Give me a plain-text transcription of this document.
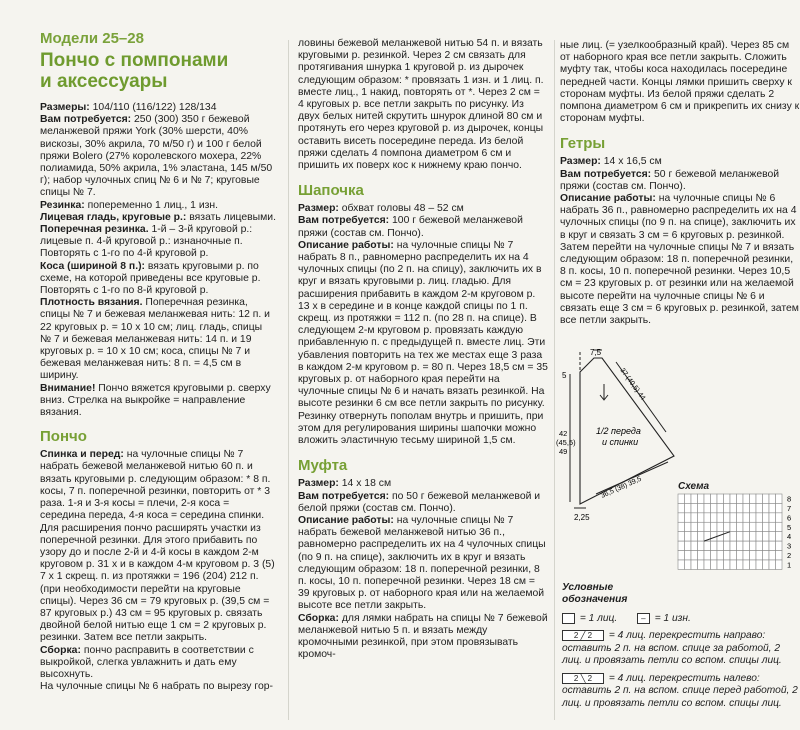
Модели 25–28
Пончо с помпонами
и аксессуары

Размеры: 104/110 (116/122) 128/134

Вам потребуется: 250 (300) 350 г бежевой меланжевой пряжи York (30% шерсти, 40% вискозы, 30% акрила, 70 м/50 г) и 100 г белой пряжи Bolero (27% королевского мохера, 22% полиамида, 50% акрила, 1% эластана, 145 м/50 г); набор чулочных спиц № 6 и № 7; круговые спицы № 7.

Резинка: попеременно 1 лиц., 1 изн.

Лицевая гладь, круговые р.: вязать лицевыми.

Поперечная резинка. 1-й – 3-й круговой р.: лицевые п. 4-й круговой р.: изнаночные п. Повторять с 1-го по 4-й круговой р.

Коса (шириной 8 п.): вязать круговыми р. по схеме, на которой приведены все круговые р. Повторять с 1-го по 8-й круговой р.

Плотность вязания. Поперечная резинка, спицы № 7 и бежевая меланжевая нить: 12 п. и 22 круговых р. = 10 х 10 см; лиц. гладь, спицы № 7 и бежевая меланжевая нить: 14 п. и 19 круговых р. = 10 х 10 см; коса, спицы № 7 и бежевая меланжевая нить: 8 п. = 4,5 см в ширину.

Внимание! Пончо вяжется круговыми р. сверху вниз. Стрелка на выкройке = направление вязания.

Пончо

Спинка и перед: на чулочные спицы № 7 набрать бежевой меланжевой нитью 60 п. и вязать круговыми р. следующим образом: * 8 п. косы, 7 п. поперечной резинки, повторить от * 3 раза. 1-я и 3-я косы = плечи, 2-я коса = середина переда, 4-я коса = середина спинки. Для расширения пончо раcширять участки из поперечной резинки. Для этого прибавить по узору до и после 2-й и 4-й косы в каждом 2-м круговом р. 31 х и в каждом 4-м круговом р. 3 (5) 7 х 1 скрещ. п. из протяжки = 196 (204) 212 п. (при необходимости перейти на круговые спицы). Через 36 см = 79 круговых р. (39,5 см = 87 круговых р.) 43 см = 95 круговых р. связать двойной белой нитью еще 1 см = 2 круговых р. резинки. Затем все петли закрыть.

Сборка: пончо расправить в соответствии с выкройкой, слегка увлажнить и дать ему высохнуть.

На чулочные спицы № 6 набрать по вырезу гор-

ловины бежевой меланжевой нитью 54 п. и вязать круговыми р. резинкой. Через 2 см связать для протягивания шнурка 1 круговой р. из дырочек следующим образом: * провязать 1 изн. и 1 лиц. п. вместе лиц., 1 накид, повторять от *. Через 2 см = 4 круговых р. все петли закрыть по рисунку. Из двух белых нитей скрутить шнурок длиной 80 см и протянуть его через круговой р. из дырочек, концы оставить висеть посередине переда. Из белой пряжи сделать 4 помпона диаметром 6 см и пришить их поверх кос к нижнему краю пончо.

Шапочка

Размер: обхват головы 48 – 52 см

Вам потребуется: 100 г бежевой меланжевой пряжи (состав см. Пончо).

Описание работы: на чулочные спицы № 7 набрать 8 п., равномерно распределить их на 4 чулочных спицы (по 2 п. на спицу), заключить их в круг и вязать круговыми р. лиц. гладью. Для расширения прибавить в каждом 2-м круговом р. 13 х в середине и в конце каждой спицы по 1 п. скрещ. из протяжки = 112 п. (по 28 п. на спице). В следующем 2-м круговом р. провязать каждую прибавленную п. с предыдущей п. вместе лиц. Эти убавления повторить на тех же местах еще 3 раза в каждом 2-м круговом р. = 80 п. Через 18,5 см = 35 круговых р. от наборного края перейти на чулочные спицы № 6 и начать вязать резинкой. На высоте резинки 6 см все петли закрыть по рисунку. Резинку отвернуть пополам внутрь и пришить, при этом для регулирования ширины шапочки можно вложить эластичную тесьму шириной 1,5 см.

Муфта

Размер: 14 х 18 см

Вам потребуется: по 50 г бежевой меланжевой и белой пряжи (состав см. Пончо).

Описание работы: на чулочные спицы № 7 набрать бежевой меланжевой нитью 36 п., равномерно распределить их на 4 чулочных спицы (по 9 п. на спице), заключить их в круг и вязать следующим образом: 18 п. поперечной резинки, 8 п. косы, 10 п. поперечной резинки. Через 18 см = 39 круговых р. от наборного края или на желаемой высоте все петли закрыть.

Сборка: для лямки набрать на спицы № 7 бежевой меланжевой нитью 5 п. и вязать между кромочными резинкой, при этом провязывать кромоч-

ные лиц. (= узелкообразный край). Через 85 см от наборного края все петли закрыть. Сложить муфту так, чтобы коса находилась посередине передней части. Концы лямки пришить сверху к сторонам муфты. Из белой пряжи сделать 2 помпона диаметром 6 см и прикрепить их снизу к сторонам муфты.

Гетры

Размер: 14 х 16,5 см

Вам потребуется: 50 г бежевой меланжевой пряжи (состав см. Пончо).

Описание работы: на чулочные спицы № 6 набрать 36 п., равномерно распределить их на 4 чулочных спицы (по 9 п. на спице), заключить их в круг и связать 3 см = 6 круговых р. резинкой. Затем перейти на чулочные спицы № 7 и вязать следующим образом: 18 п. поперечной резинки, 8 п. косы, 10 п. поперечной резинки. Через 10,5 см = 23 круговых р. от резинки или на желаемой высоте перейти на чулочные спицы № 6 и связать еще 3 см = 6 круговых р. резинкой, затем все петли закрыть.

7,5
5	37 (40,5) 44
42
(45,5)
49
36,5 (38) 39,5
2,25
1/2 переда
и спинки
Схема
8
7
6
5
4
3
2
1
Условные
обозначения
= 1 лиц.	– = 1 изн.
2 ╱ 2 = 4 лиц. перекрестить направо: оставить 2 п. на вспом. спице за работой, 2 лиц. и провязать петли со вспом. спицы лиц.
2 ╲ 2 = 4 лиц. перекрестить налево: оставить 2 п. на вспом. спице перед работой, 2 лиц. и провязать петли со вспом. спицы лиц.
